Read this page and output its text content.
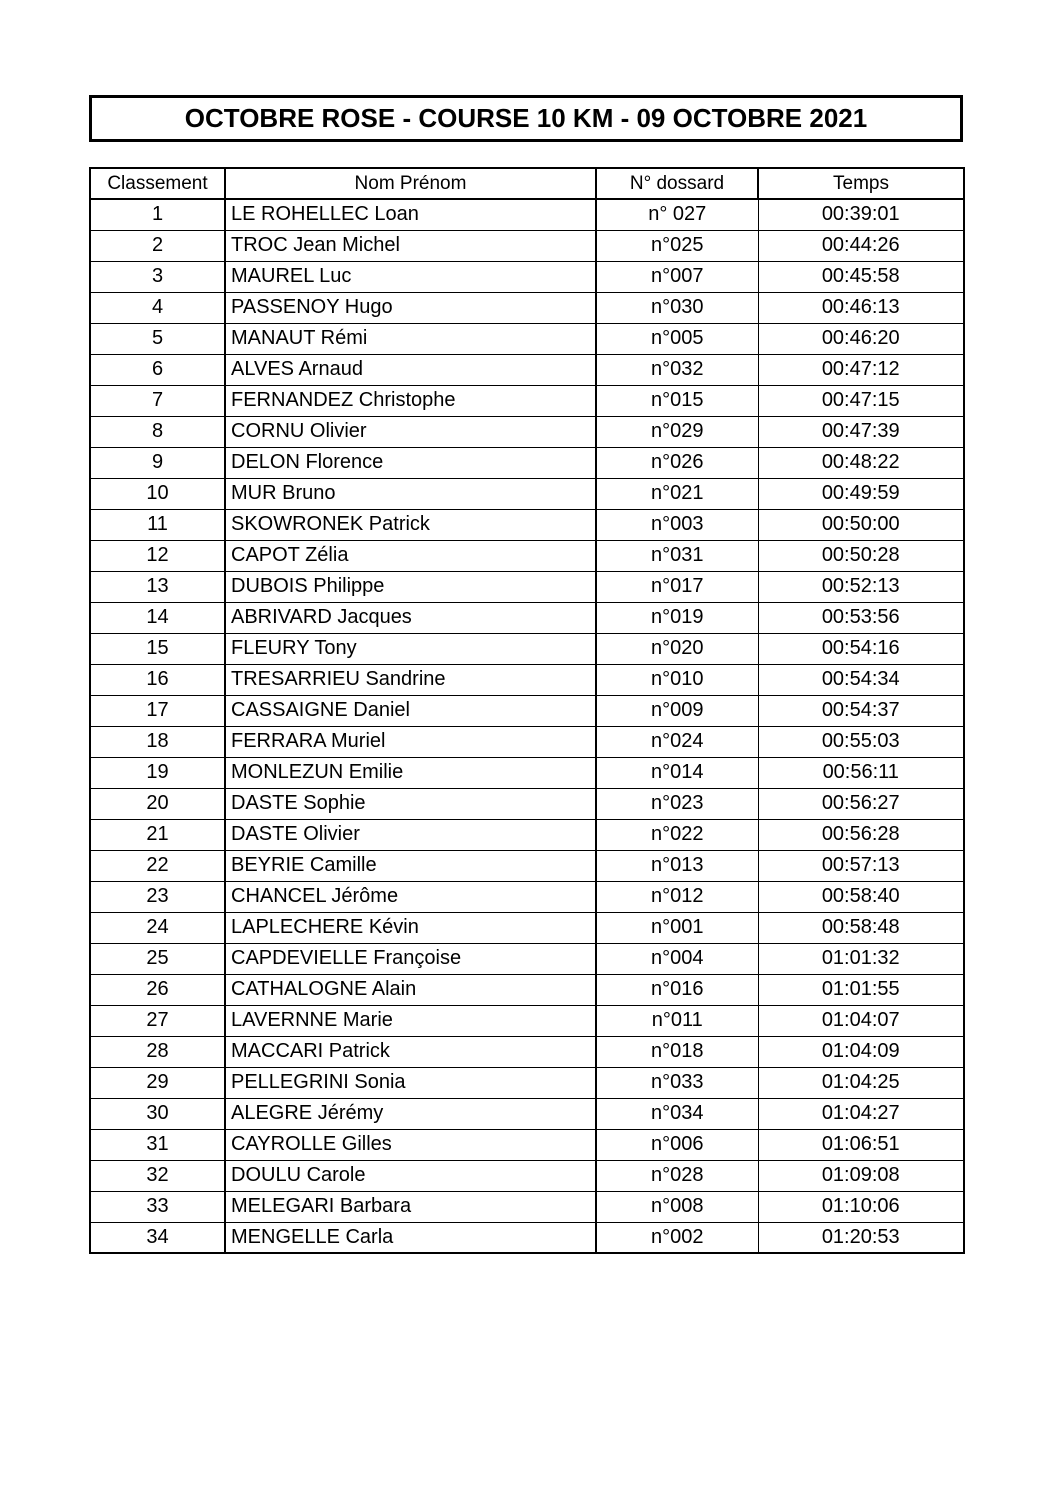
OCTOBRE ROSE - COURSE 10 KM - 09 OCTOBRE 2021
Classement	Nom Prénom	N° dossard	Temps
1	LE ROHELLEC Loan	n° 027	00:39:01
2	TROC Jean Michel	n°025	00:44:26
3	MAUREL Luc	n°007	00:45:58
4	PASSENOY Hugo	n°030	00:46:13
5	MANAUT Rémi	n°005	00:46:20
6	ALVES Arnaud	n°032	00:47:12
7	FERNANDEZ Christophe	n°015	00:47:15
8	CORNU Olivier	n°029	00:47:39
9	DELON Florence	n°026	00:48:22
10	MUR Bruno	n°021	00:49:59
11	SKOWRONEK Patrick	n°003	00:50:00
12	CAPOT Zélia	n°031	00:50:28
13	DUBOIS Philippe	n°017	00:52:13
14	ABRIVARD Jacques	n°019	00:53:56
15	FLEURY Tony	n°020	00:54:16
16	TRESARRIEU Sandrine	n°010	00:54:34
17	CASSAIGNE Daniel	n°009	00:54:37
18	FERRARA Muriel	n°024	00:55:03
19	MONLEZUN Emilie	n°014	00:56:11
20	DASTE Sophie	n°023	00:56:27
21	DASTE Olivier	n°022	00:56:28
22	BEYRIE Camille	n°013	00:57:13
23	CHANCEL Jérôme	n°012	00:58:40
24	LAPLECHERE Kévin	n°001	00:58:48
25	CAPDEVIELLE Françoise	n°004	01:01:32
26	CATHALOGNE Alain	n°016	01:01:55
27	LAVERNNE Marie	n°011	01:04:07
28	MACCARI Patrick	n°018	01:04:09
29	PELLEGRINI Sonia	n°033	01:04:25
30	ALEGRE Jérémy	n°034	01:04:27
31	CAYROLLE Gilles	n°006	01:06:51
32	DOULU Carole	n°028	01:09:08
33	MELEGARI Barbara	n°008	01:10:06
34	MENGELLE Carla	n°002	01:20:53
